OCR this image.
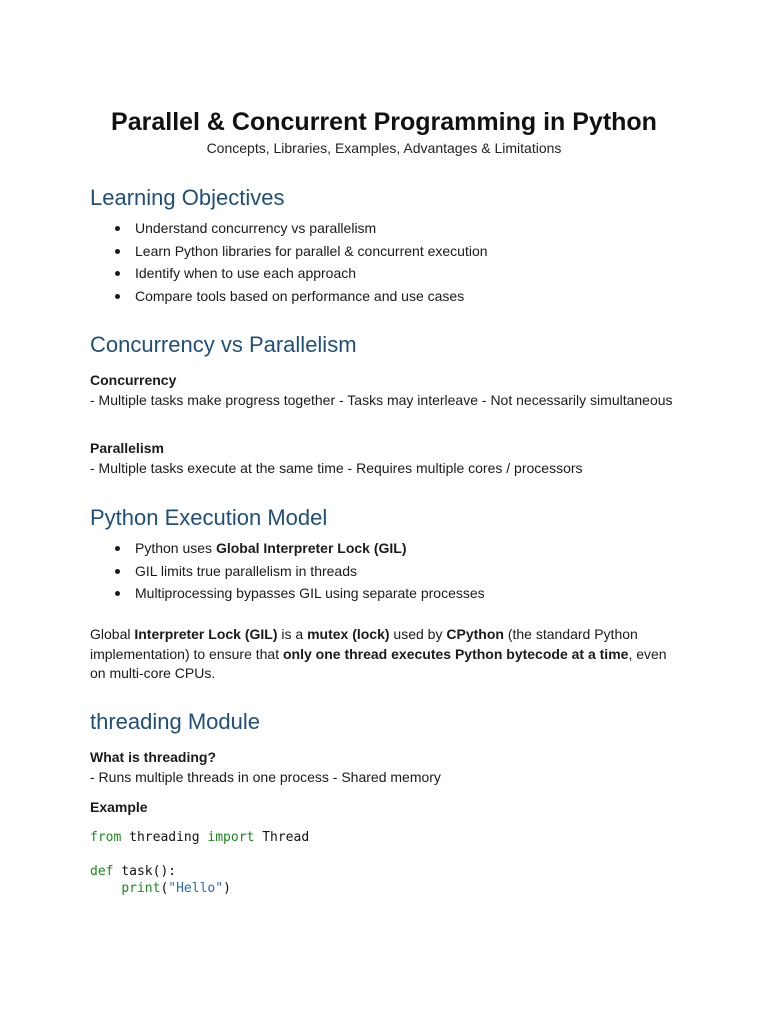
Parallel & Concurrent Programming in Python

Concepts, Libraries, Examples, Advantages & Limitations

Learning Objectives
Understand concurrency vs parallelism
Learn Python libraries for parallel & concurrent execution
Identify when to use each approach
Compare tools based on performance and use cases
Concurrency vs Parallelism
Concurrency
- Multiple tasks make progress together - Tasks may interleave - Not necessarily simultaneous
Parallelism
- Multiple tasks execute at the same time - Requires multiple cores / processors
Python Execution Model
Python uses Global Interpreter Lock (GIL)
GIL limits true parallelism in threads
Multiprocessing bypasses GIL using separate processes

Global Interpreter Lock (GIL) is a mutex (lock) used by CPython (the standard Python implementation) to ensure that only one thread executes Python bytecode at a time, even on multi-core CPUs.

threading Module
What is threading?
- Runs multiple threads in one process - Shared memory
Example
from threading import Thread

def task():
print("Hello")
